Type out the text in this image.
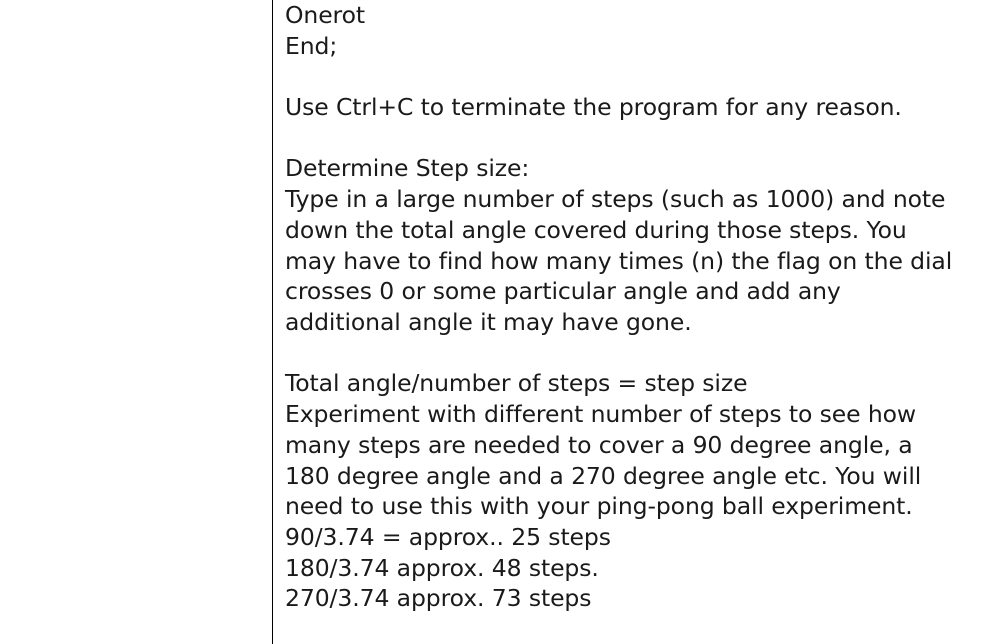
Onerot
End;
Use Ctrl+C to terminate the program for any reason.
Determine Step size:
Type in a large number of steps (such as 1000) and note
down the total angle covered during those steps. You
may have to find how many times (n) the flag on the dial
crosses 0 or some particular angle and add any
additional angle it may have gone.
Total angle/number of steps = step size
Experiment with different number of steps to see how
many steps are needed to cover a 90 degree angle, a
180 degree angle and a 270 degree angle etc. You will
need to use this with your ping-pong ball experiment.
90/3.74 = approx.. 25 steps
180/3.74 approx. 48 steps.
270/3.74 approx. 73 steps
